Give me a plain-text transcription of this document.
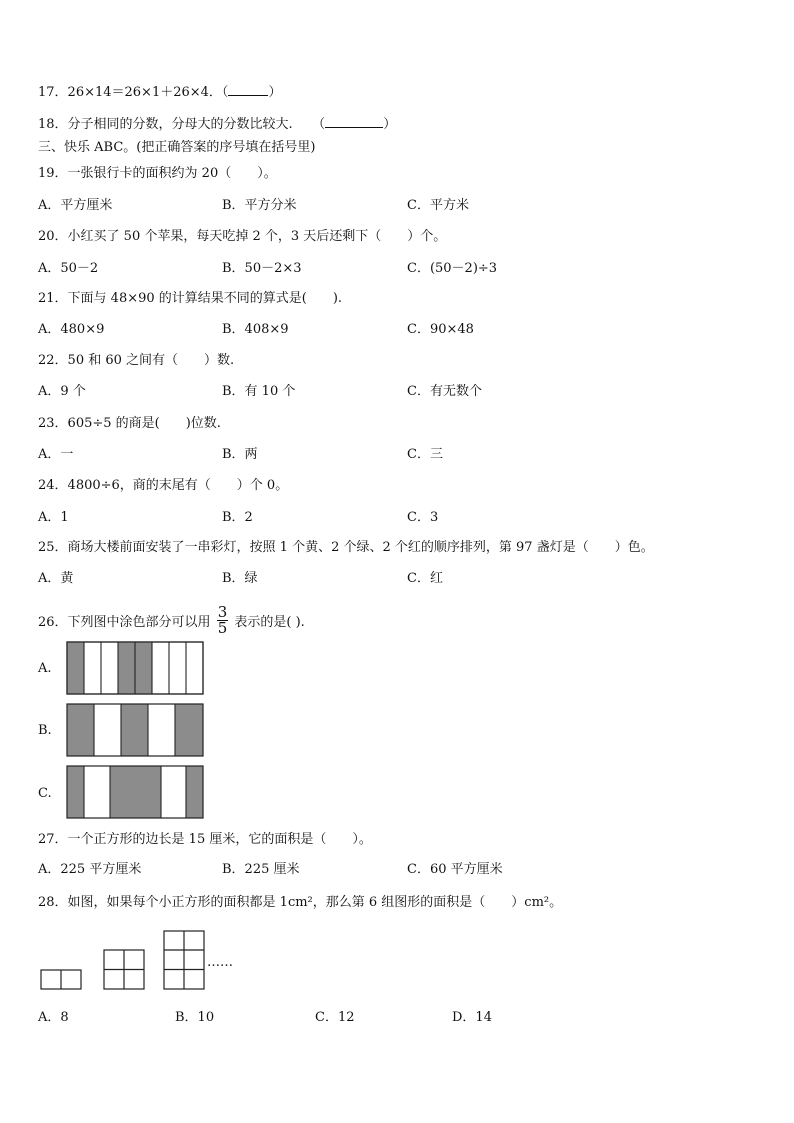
17．26×14＝26×1＋26×4．（	）
18．分子相同的分数，分母大的分数比较大.　　（	）
三、快乐 ABC。(把正确答案的序号填在括号里)
19．一张银行卡的面积约为 20（　　）。
A．平方厘米	B．平方分米	C．平方米
20．小红买了 50 个苹果，每天吃掉 2 个，3 天后还剩下（　　）个。
A．50－2	B．50－2×3	C．(50－2)÷3
21．下面与 48×90 的计算结果不同的算式是(　　).
A．480×9	B．408×9	C．90×48
22．50 和 60 之间有（　　）数.
A．9 个	B．有 10 个	C．有无数个
23．605÷5 的商是(　　)位数.
A．一	B．两	C．三
24．4800÷6，商的末尾有（　　）个 0。
A．1	B．2	C．3
25．商场大楼前面安装了一串彩灯，按照 1 个黄、2 个绿、2 个红的顺序排列，第 97 盏灯是（　　）色。
A．黄	B．绿	C．红
26．下列图中涂色部分可以用 $\frac{3}{5}$ 表示的是( ).
A.
B.
C.
27．一个正方形的边长是 15 厘米，它的面积是（　　）。
A．225 平方厘米	B．225 厘米	C．60 平方厘米
28．如图，如果每个小正方形的面积都是 1cm²，那么第 6 组图形的面积是（　　）cm²。
……
A．8	B．10	C．12	D．14
